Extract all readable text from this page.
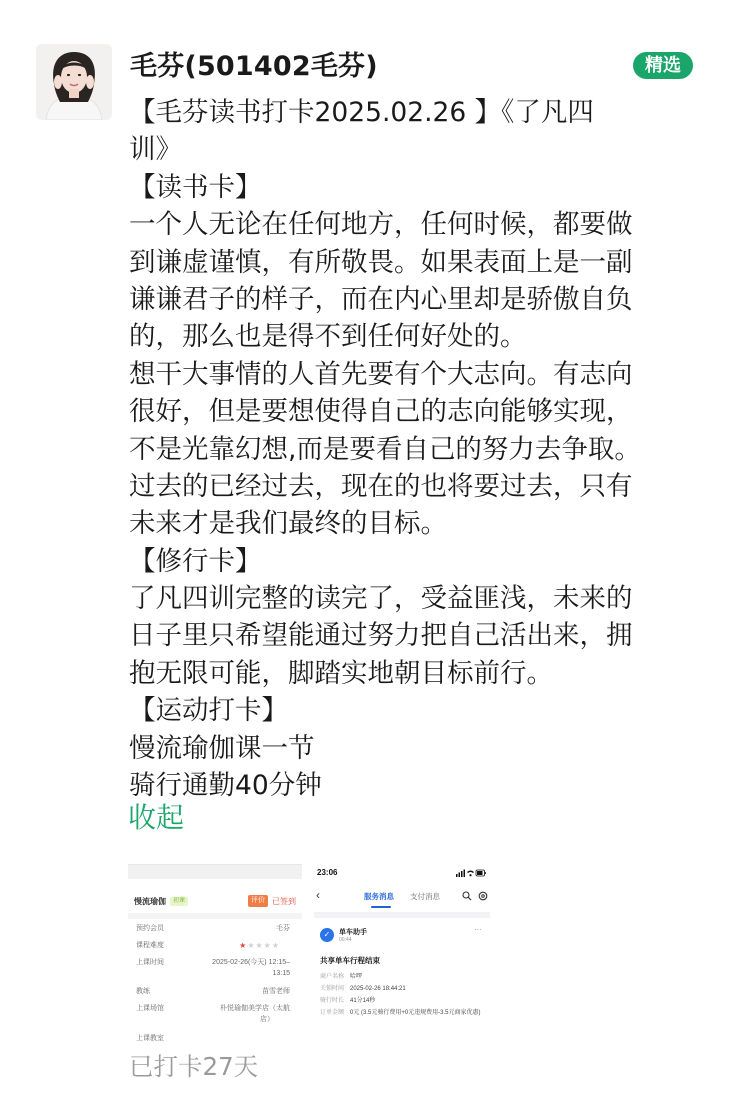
毛芬(501402毛芬)	精选
【毛芬读书打卡2025.02.26 】《了凡四
训》
【读书卡】
一个人无论在任何地方，任何时候，都要做
到谦虚谨慎，有所敬畏。如果表面上是一副
谦谦君子的样子，而在内心里却是骄傲自负
的，那么也是得不到任何好处的。
想干大事情的人首先要有个大志向。有志向
很好，但是要想使得自己的志向能够实现，
不是光靠幻想,而是要看自己的努力去争取。
过去的已经过去，现在的也将要过去，只有
未来才是我们最终的目标。
【修行卡】
了凡四训完整的读完了，受益匪浅，未来的
日子里只希望能通过努力把自己活出来，拥
抱无限可能，脚踏实地朝目标前行。
【运动打卡】
慢流瑜伽课一节
骑行通勤40分钟
收起
慢流瑜伽	初课	评价 已签到
预约会员	毛芬
课程难度	★★★★★
上课时间	2025-02-26(今天) 12:15–
13:15
教练	苗雪老师
上课场馆	朴悦瑜伽美学店（太航
店）
上课教室
23:06
‹	服务消息 支付消息
✓	单车助手
00:44
···
共享单车行程结束
商户名称 哈啰
关锁时间 2025-02-26 18:44:21
骑行时长 41分14秒
订单金额 0元 (3.5元骑行费用+0元违规费用-3.5元商家优惠)
已打卡27天
